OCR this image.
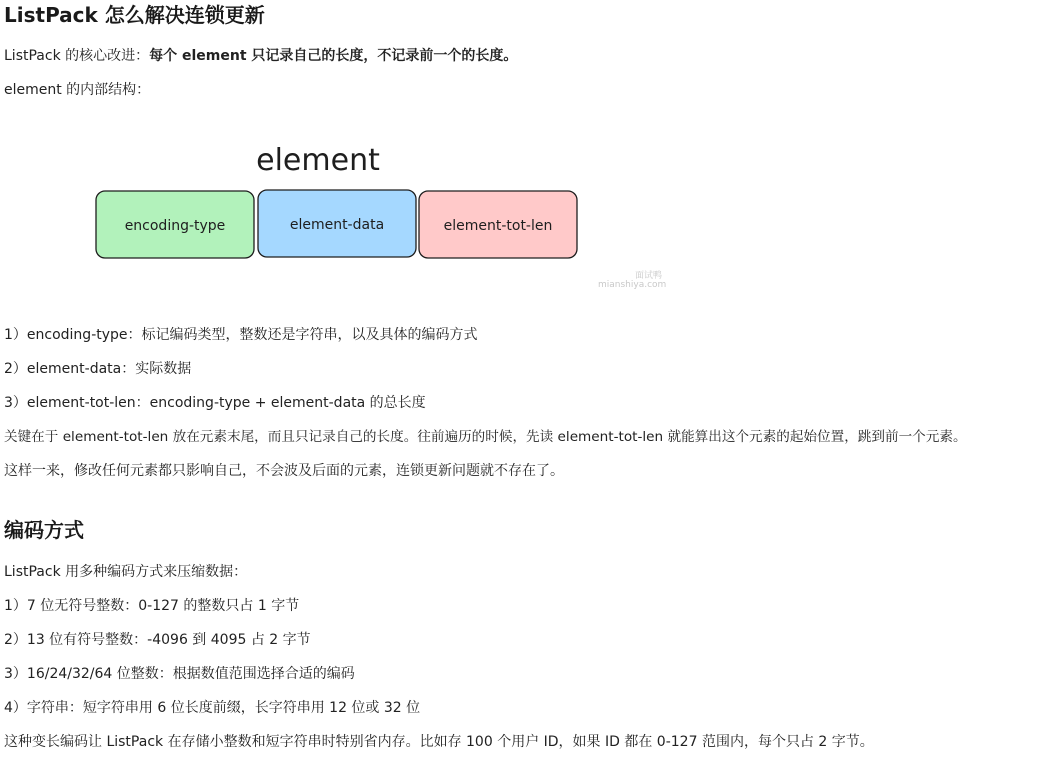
ListPack 怎么解决连锁更新

ListPack 的核心改进：每个 element 只记录自己的长度，不记录前一个的长度。

element 的内部结构：

element
encoding-type	element-data	element-tot-len
面试鸭
mianshiya.com

1）encoding-type：标记编码类型，整数还是字符串，以及具体的编码方式

2）element-data：实际数据

3）element-tot-len：encoding-type + element-data 的总长度

关键在于 element-tot-len 放在元素末尾，而且只记录自己的长度。往前遍历的时候，先读 element-tot-len 就能算出这个元素的起始位置，跳到前一个元素。

这样一来，修改任何元素都只影响自己，不会波及后面的元素，连锁更新问题就不存在了。

编码方式

ListPack 用多种编码方式来压缩数据：

1）7 位无符号整数：0-127 的整数只占 1 字节

2）13 位有符号整数：-4096 到 4095 占 2 字节

3）16/24/32/64 位整数：根据数值范围选择合适的编码

4）字符串：短字符串用 6 位长度前缀，长字符串用 12 位或 32 位

这种变长编码让 ListPack 在存储小整数和短字符串时特别省内存。比如存 100 个用户 ID，如果 ID 都在 0-127 范围内，每个只占 2 字节。
